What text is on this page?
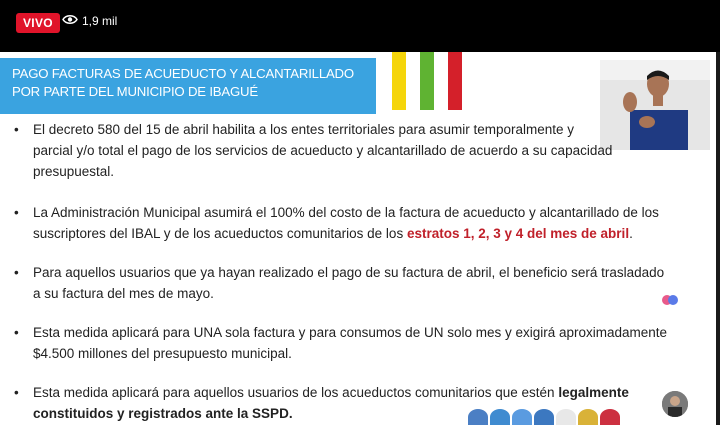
VIVO	1,9 mil
PAGO FACTURAS DE ACUEDUCTO Y ALCANTARILLADO
POR PARTE DEL MUNICIPIO DE IBAGUÉ
• El decreto 580 del 15 de abril habilita a los entes territoriales para asumir temporalmente y
parcial y/o total el pago de los servicios de acueducto y alcantarillado de acuerdo a su capacidad
presupuestal.
• La Administración Municipal asumirá el 100% del costo de la factura de acueducto y alcantarillado de los
suscriptores del IBAL y de los acueductos comunitarios de los estratos 1, 2, 3 y 4 del mes de abril.
• Para aquellos usuarios que ya hayan realizado el pago de su factura de abril, el beneficio será trasladado
a su factura del mes de mayo.
• Esta medida aplicará para UNA sola factura y para consumos de UN solo mes y exigirá aproximadamente
$4.500 millones del presupuesto municipal.
• Esta medida aplicará para aquellos usuarios de los acueductos comunitarios que estén legalmente
constituidos y registrados ante la SSPD.
